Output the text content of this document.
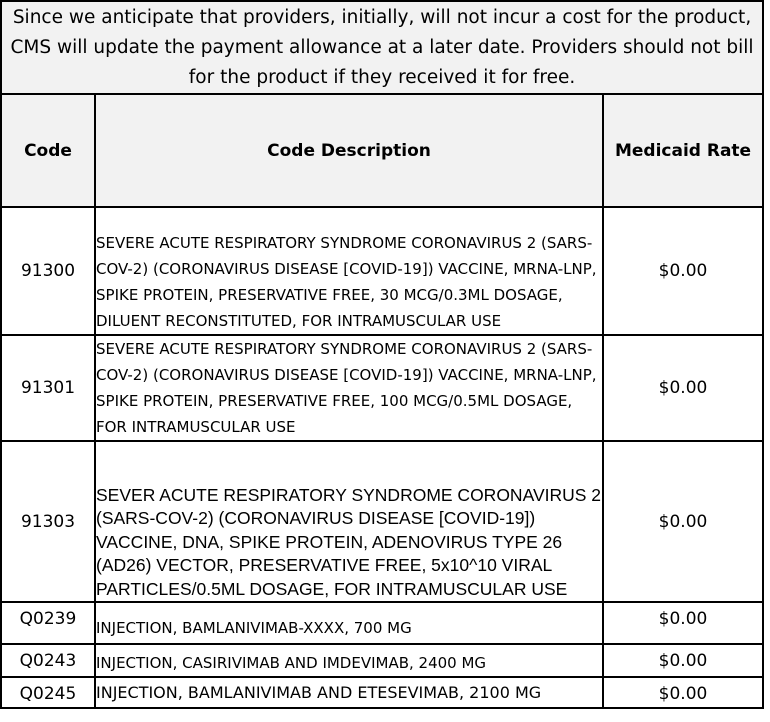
Since we anticipate that providers, initially, will not incur a cost for the product,
CMS will update the payment allowance at a later date. Providers should not bill
for the product if they received it for free.		

Code	Code Description	Medicaid Rate
91300	SEVERE ACUTE RESPIRATORY SYNDROME CORONAVIRUS 2 (SARS-COV-2) (CORONAVIRUS DISEASE [COVID-19]) VACCINE, MRNA-LNP, SPIKE PROTEIN, PRESERVATIVE FREE, 30 MCG/0.3ML DOSAGE, DILUENT RECONSTITUTED, FOR INTRAMUSCULAR USE	$0.00
91301	SEVERE ACUTE RESPIRATORY SYNDROME CORONAVIRUS 2 (SARS-COV-2) (CORONAVIRUS DISEASE [COVID-19]) VACCINE, MRNA-LNP, SPIKE PROTEIN, PRESERVATIVE FREE, 100 MCG/0.5ML DOSAGE, FOR INTRAMUSCULAR USE	$0.00
91303	SEVER ACUTE RESPIRATORY SYNDROME CORONAVIRUS 2 (SARS-COV-2) (CORONAVIRUS DISEASE [COVID-19]) VACCINE, DNA, SPIKE PROTEIN, ADENOVIRUS TYPE 26 (AD26) VECTOR, PRESERVATIVE FREE, 5x10^10 VIRAL PARTICLES/0.5ML DOSAGE, FOR INTRAMUSCULAR USE	$0.00
Q0239	INJECTION, BAMLANIVIMAB-XXXX, 700 MG	$0.00
Q0243	INJECTION, CASIRIVIMAB AND IMDEVIMAB, 2400 MG	$0.00
Q0245	INJECTION, BAMLANIVIMAB AND ETESEVIMAB, 2100 MG	$0.00
